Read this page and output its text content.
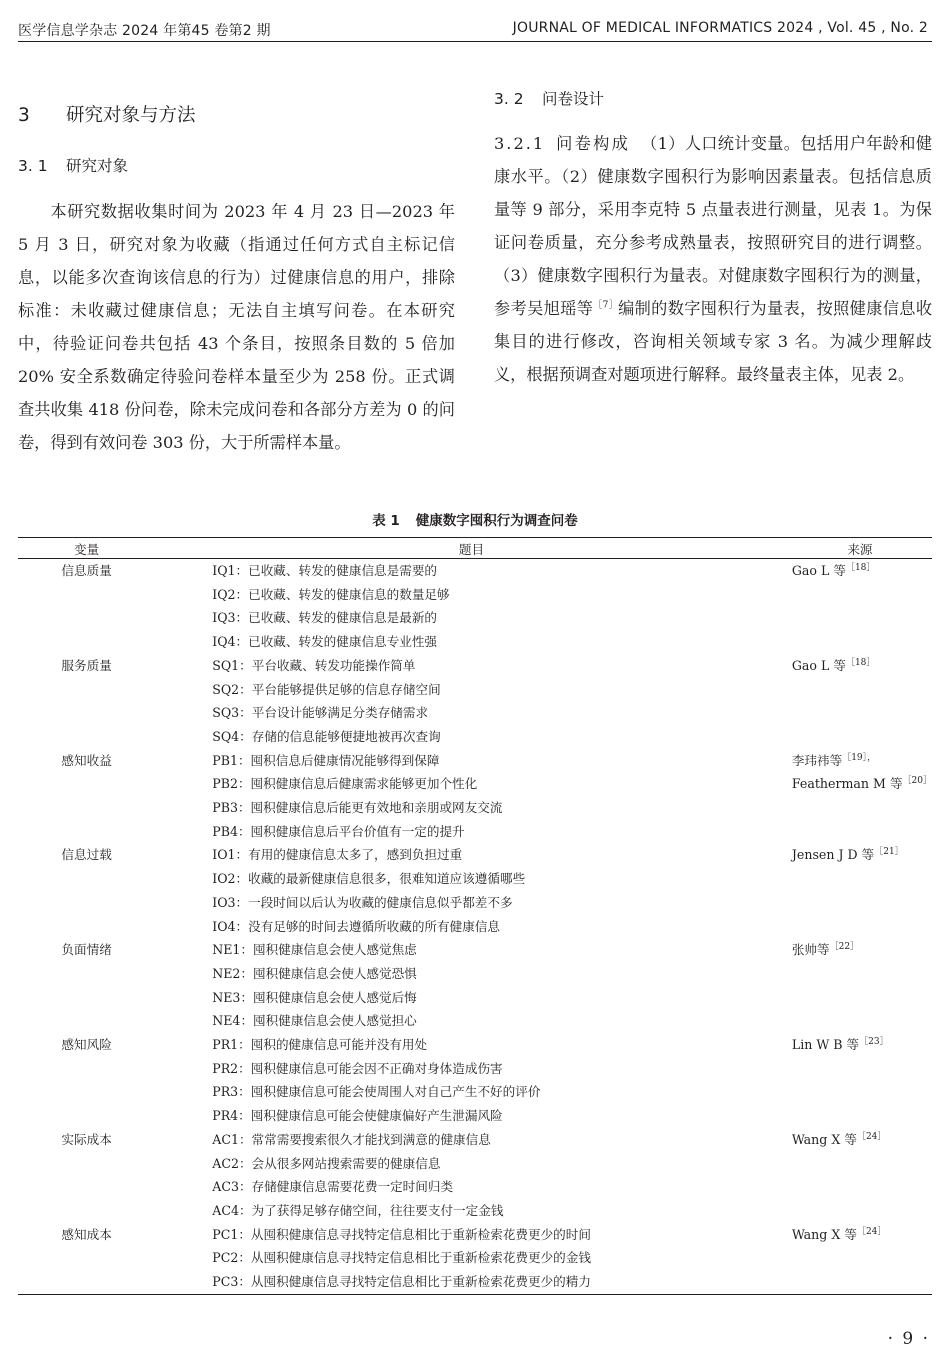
医学信息学杂志 2024 年第45 卷第2 期	JOURNAL OF MEDICAL INFORMATICS 2024 , Vol. 45 , No. 2
3 研究对象与方法
3. 1 研究对象

本研究数据收集时间为 2023 年 4 月 23 日—2023 年 5 月 3 日，研究对象为收藏（指通过任何方式自主标记信息，以能多次查询该信息的行为）过健康信息的用户，排除标准：未收藏过健康信息；无法自主填写问卷。在本研究中，待验证问卷共包括 43 个条目，按照条目数的 5 倍加 20% 安全系数确定待验问卷样本量至少为 258 份。正式调查共收集 418 份问卷，除未完成问卷和各部分方差为 0 的问卷，得到有效问卷 303 份，大于所需样本量。

3. 2 问卷设计

3.2.1 问卷构成 （1）人口统计变量。包括用户年龄和健康水平。（2）健康数字囤积行为影响因素量表。包括信息质量等 9 部分，采用李克特 5 点量表进行测量，见表 1。为保证问卷质量，充分参考成熟量表，按照研究目的进行调整。（3）健康数字囤积行为量表。对健康数字囤积行为的测量，参考吴旭瑶等$^{[7]}$编制的数字囤积行为量表，按照健康信息收集目的进行修改，咨询相关领域专家 3 名。为减少理解歧义，根据预调查对题项进行解释。最终量表主体，见表 2。

表 1 健康数字囤积行为调查问卷
变量	题目	来源
信息质量	IQ1：已收藏、转发的健康信息是需要的	Gao L 等$^{[18]}$
	IQ2：已收藏、转发的健康信息的数量足够	
	IQ3：已收藏、转发的健康信息是最新的	
	IQ4：已收藏、转发的健康信息专业性强	
服务质量	SQ1：平台收藏、转发功能操作简单	Gao L 等$^{[18]}$
	SQ2：平台能够提供足够的信息存储空间	
	SQ3：平台设计能够满足分类存储需求	
	SQ4：存储的信息能够便捷地被再次查询	
感知收益	PB1：囤积信息后健康情况能够得到保障	李玮祎等$^{[19],}$
	PB2：囤积健康信息后健康需求能够更加个性化	Featherman M 等$^{[20]}$
	PB3：囤积健康信息后能更有效地和亲朋或网友交流	
	PB4：囤积健康信息后平台价值有一定的提升	
信息过载	IO1：有用的健康信息太多了，感到负担过重	Jensen J D 等$^{[21]}$
	IO2：收藏的最新健康信息很多，很难知道应该遵循哪些	
	IO3：一段时间以后认为收藏的健康信息似乎都差不多	
	IO4：没有足够的时间去遵循所收藏的所有健康信息	
负面情绪	NE1：囤积健康信息会使人感觉焦虑	张帅等$^{[22]}$
	NE2：囤积健康信息会使人感觉恐惧	
	NE3：囤积健康信息会使人感觉后悔	
	NE4：囤积健康信息会使人感觉担心	
感知风险	PR1：囤积的健康信息可能并没有用处	Lin W B 等$^{[23]}$
	PR2：囤积健康信息可能会因不正确对身体造成伤害	
	PR3：囤积健康信息可能会使周围人对自己产生不好的评价	
	PR4：囤积健康信息可能会使健康偏好产生泄漏风险	
实际成本	AC1：常常需要搜索很久才能找到满意的健康信息	Wang X 等$^{[24]}$
	AC2：会从很多网站搜索需要的健康信息	
	AC3：存储健康信息需要花费一定时间归类	
	AC4：为了获得足够存储空间，往往要支付一定金钱	
感知成本	PC1：从囤积健康信息寻找特定信息相比于重新检索花费更少的时间	Wang X 等$^{[24]}$
	PC2：从囤积健康信息寻找特定信息相比于重新检索花费更少的金钱	
	PC3：从囤积健康信息寻找特定信息相比于重新检索花费更少的精力	
· 9 ·
